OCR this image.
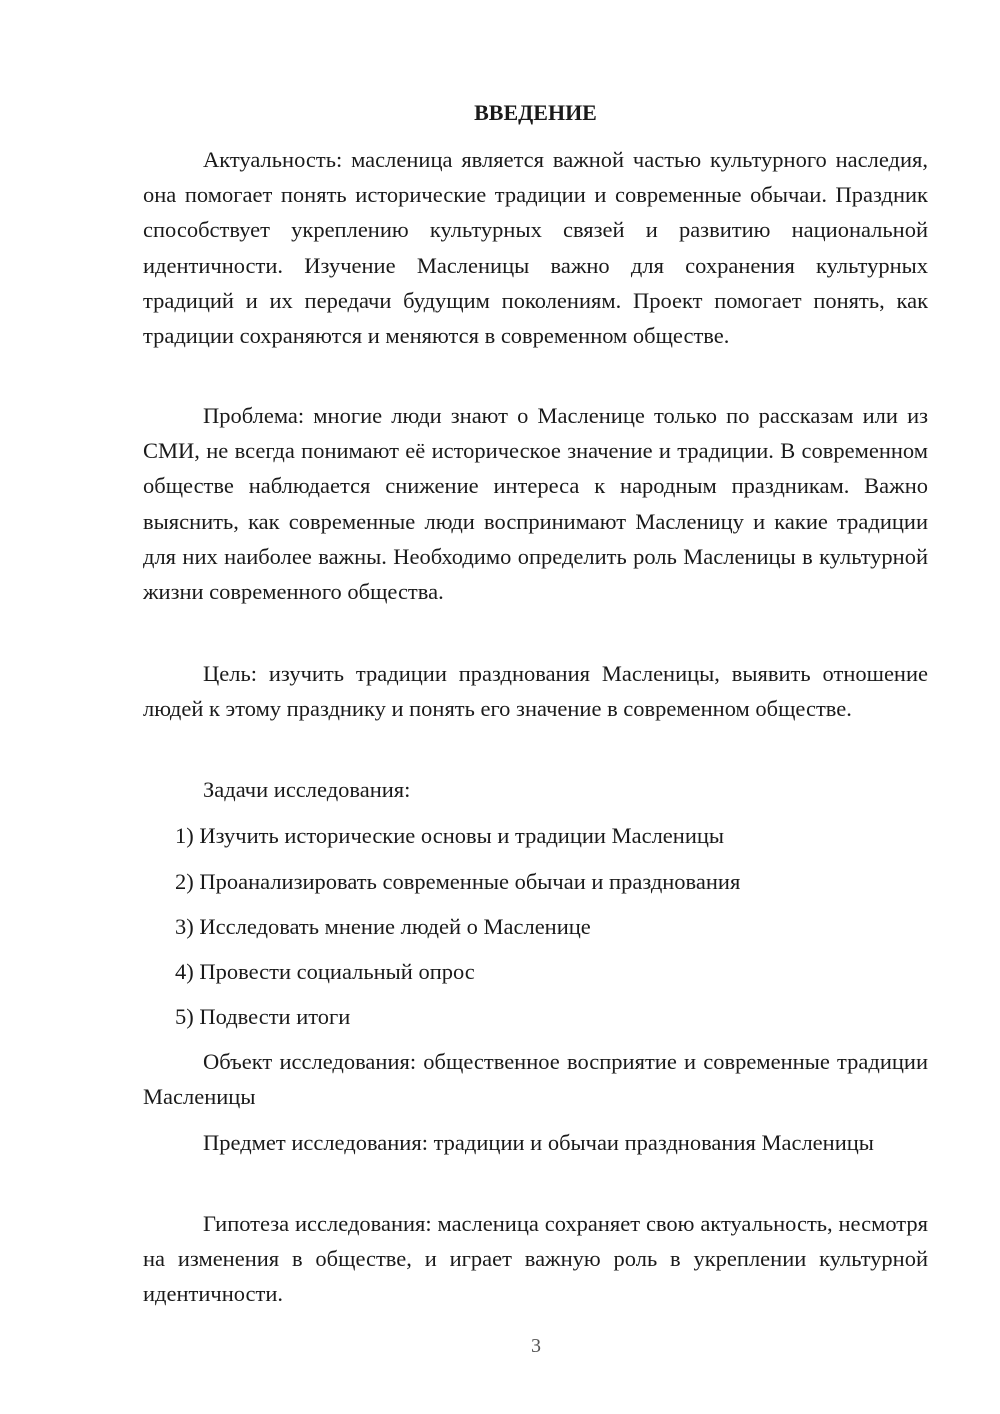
ВВЕДЕНИЕ

Актуальность: масленица является важной частью культурного наследия, она помогает понять исторические традиции и современные обычаи. Праздник способствует укреплению культурных связей и развитию национальной идентичности. Изучение Масленицы важно для сохранения культурных традиций и их передачи будущим поколениям. Проект помогает понять, как традиции сохраняются и меняются в современном обществе.

Проблема: многие люди знают о Масленице только по рассказам или из СМИ, не всегда понимают её историческое значение и традиции. В современном обществе наблюдается снижение интереса к народным праздникам. Важно выяснить, как современные люди воспринимают Масленицу и какие традиции для них наиболее важны. Необходимо определить роль Масленицы в культурной жизни современного общества.

Цель: изучить традиции празднования Масленицы, выявить отношение людей к этому празднику и понять его значение в современном обществе.

Задачи исследования:

1) Изучить исторические основы и традиции Масленицы
2) Проанализировать современные обычаи и празднования
3) Исследовать мнение людей о Масленице
4) Провести социальный опрос
5) Подвести итоги

Объект исследования: общественное восприятие и современные традиции Масленицы

Предмет исследования: традиции и обычаи празднования Масленицы

Гипотеза исследования: масленица сохраняет свою актуальность, несмотря на изменения в обществе, и играет важную роль в укреплении культурной идентичности.

3
